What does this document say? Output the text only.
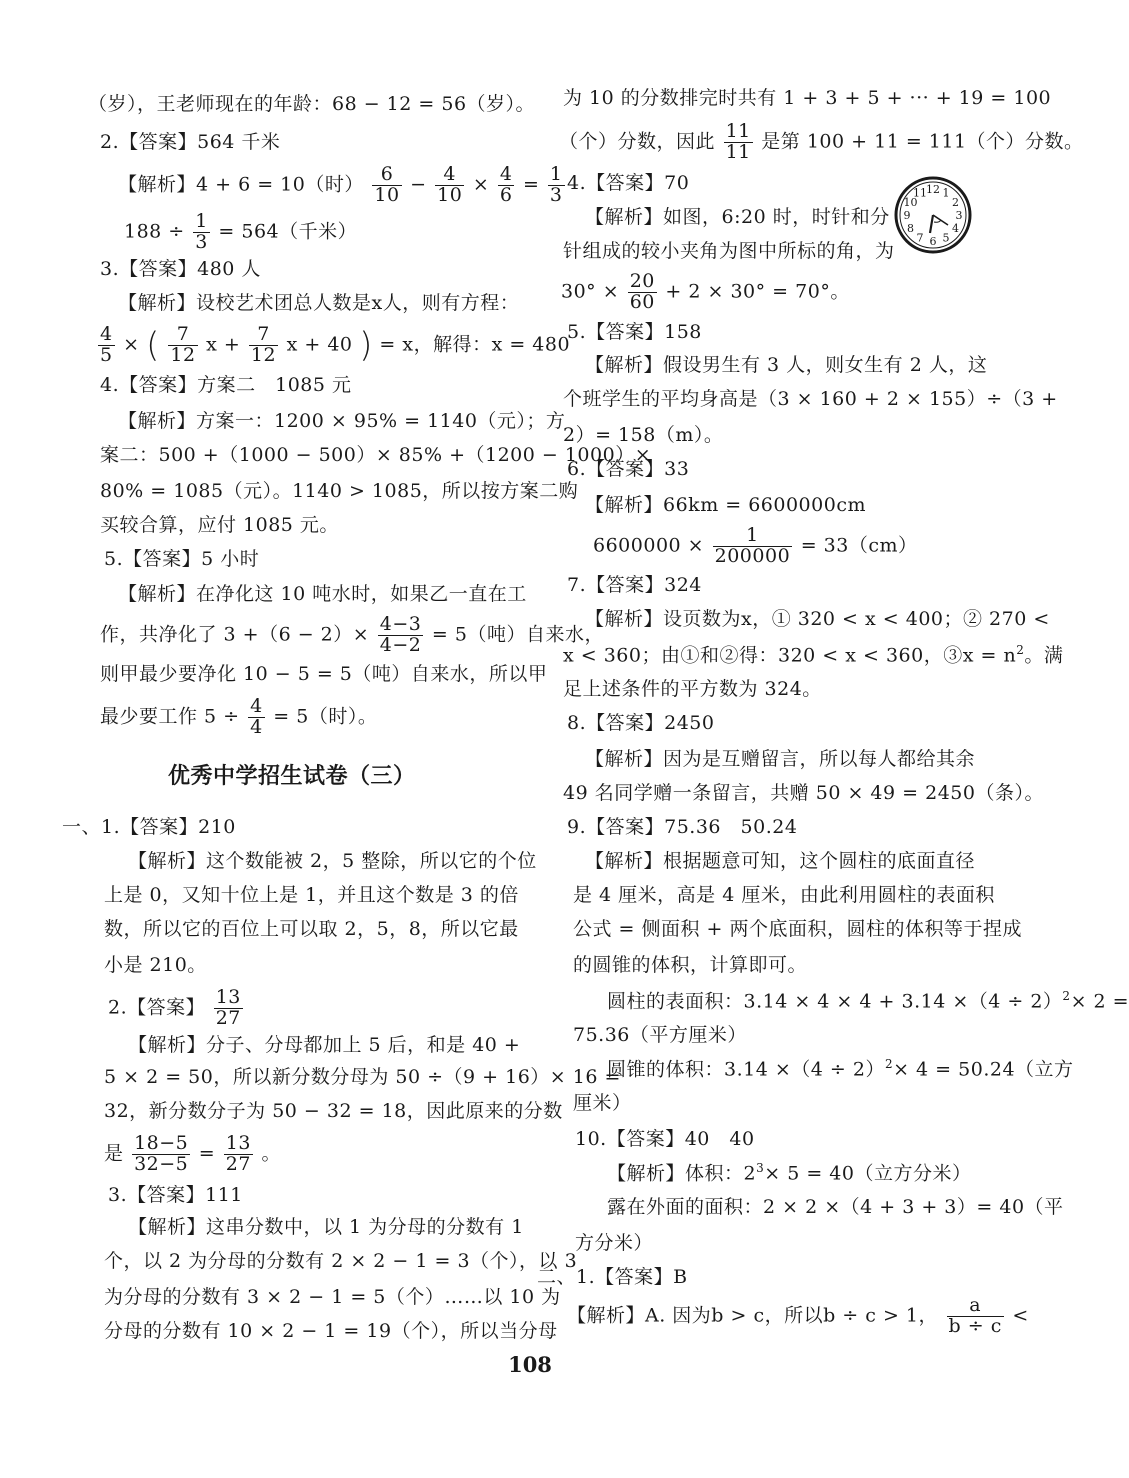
（岁），王老师现在的年龄：68 − 12 = 56（岁）。
2.【答案】564 千米
【解析】4 + 6 = 10（时） $\frac{6}{10} - \frac{4}{10} \times \frac{4}{6} = \frac{1}{3}$
$188 \div \frac{1}{3} = 564$（千米）
3.【答案】480 人
【解析】设校艺术团总人数是x人，则有方程：
$\frac{4}{5}$ × ( $\frac{7}{12}$ $x + \frac{7}{12}$ x + 40 ) = x，解得：x = 480
4.【答案】方案二　1085 元
【解析】方案一：1200 × 95% = 1140（元）；方
案二：500 +（1000 − 500）× 85% +（1200 − 1000）×
80% = 1085（元）。1140 > 1085，所以按方案二购
买较合算，应付 1085 元。
5.【答案】5 小时
【解析】在净化这 10 吨水时，如果乙一直在工
作，共净化了 $3 +(6 - 2)\times \frac{4-3}{4-2} = 5$（吨）自来水，
则甲最少要净化 10 − 5 = 5（吨）自来水，所以甲
最少要工作 $5 \div \frac{4}{4} = 5$（时）。
优秀中学招生试卷（三）
一、1.【答案】210
【解析】这个数能被 2，5 整除，所以它的个位
上是 0，又知十位上是 1，并且这个数是 3 的倍
数，所以它的百位上可以取 2，5，8，所以它最
小是 210。
2.【答案】 $\frac{13}{27}$
【解析】分子、分母都加上 5 后，和是 40 +
5 × 2 = 50，所以新分数分母为 50 ÷（9 + 16）× 16 =
32，新分数分子为 50 − 32 = 18，因此原来的分数
是 $\frac{18-5}{32-5} = \frac{13}{27}$ 。
3.【答案】111
【解析】这串分数中，以 1 为分母的分数有 1
个，以 2 为分母的分数有 2 × 2 − 1 = 3（个），以 3
为分母的分数有 3 × 2 − 1 = 5（个）……以 10 为
分母的分数有 10 × 2 − 1 = 19（个），所以当分母
为 10 的分数排完时共有 1 + 3 + 5 + ··· + 19 = 100
（个）分数，因此 $\frac{11}{11}$ 是第 100 + 11 = 111（个）分数。
4.【答案】70
【解析】如图，6:20 时，时针和分
针组成的较小夹角为图中所标的角，为
$30^\circ \times \frac{20}{60} + 2 \times 30^\circ = 70^\circ$。
5.【答案】158
【解析】假设男生有 3 人，则女生有 2 人，这
个班学生的平均身高是（3 × 160 + 2 × 155）÷（3 +
2）= 158（m）。
6.【答案】33
【解析】66km = 6600000cm
$6600000 \times \frac{1}{200000} = 33(cm)$
7.【答案】324
【解析】设页数为x，① 320 < x < 400；② 270 <
x < 360；由①和②得：320 < x < 360，③x = $n^2$。满
足上述条件的平方数为 324。
8.【答案】2450
【解析】因为是互赠留言，所以每人都给其余
49 名同学赠一条留言，共赠 50 × 49 = 2450（条）。
9.【答案】75.36　50.24
【解析】根据题意可知，这个圆柱的底面直径
是 4 厘米，高是 4 厘米，由此利用圆柱的表面积
公式 = 侧面积 + 两个底面积，圆柱的体积等于捏成
的圆锥的体积，计算即可。
圆柱的表面积：$3.14 \times 4 \times 4 + 3.14 \times(4 \div 2)^2\times 2$ =
75.36（平方厘米）
圆锥的体积：$3.14 \times(4 \div 2)^2\times 4 = 50.24$（立方
厘米）
10.【答案】40　40
【解析】体积：$2^3\times 5 = 40$（立方分米）
露在外面的面积：2 × 2 ×（4 + 3 + 3）= 40（平
方分米）
二、1.【答案】B
【解析】A. 因为b > c，所以b ÷ c > 1， $\frac{a}{b \div c}$ <
12 1
2
3
4
5
6
7
8
9
10
11
108
